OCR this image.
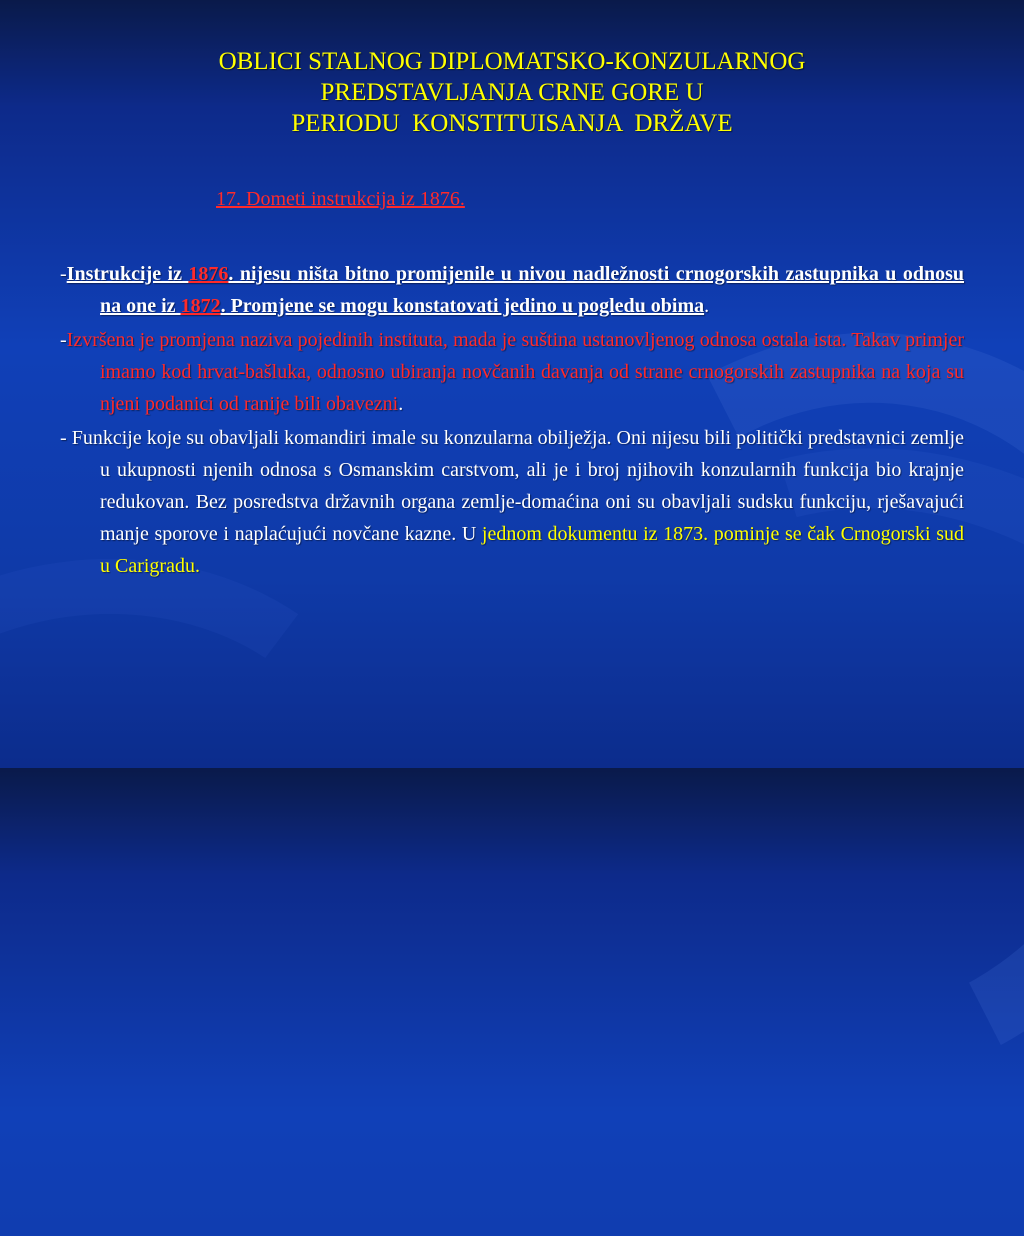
OBLICI STALNOG DIPLOMATSKO-KONZULARNOG
PREDSTAVLJANJA CRNE GORE U
PERIODU  KONSTITUISANJA  DRŽAVE
17. Dometi instrukcija iz 1876.

-Instrukcije iz 1876. nijesu ništa bitno promijenile u nivou nadležnosti crnogorskih zastupnika u odnosu na one iz 1872. Promjene se mogu konstatovati jedino u pogledu obima.

-Izvršena je promjena naziva pojedinih instituta, mada je suština ustanovljenog odnosa ostala ista. Takav primjer imamo kod hrvat-bašluka, odnosno ubiranja novčanih davanja od strane crnogorskih zastupnika na koja su njeni podanici od ranije bili obavezni.

- Funkcije koje su obavljali komandiri imale su konzularna obilježja. Oni nijesu bili politički predstavnici zemlje u ukupnosti njenih odnosa s Osmanskim carstvom, ali je i broj njihovih konzularnih funkcija bio krajnje redukovan. Bez posredstva državnih organa zemlje-domaćina oni su obavljali sudsku funkciju, rješavajući manje sporove i naplaćujući novčane kazne. U jednom dokumentu iz 1873. pominje se čak Crnogorski sud u Carigradu.
